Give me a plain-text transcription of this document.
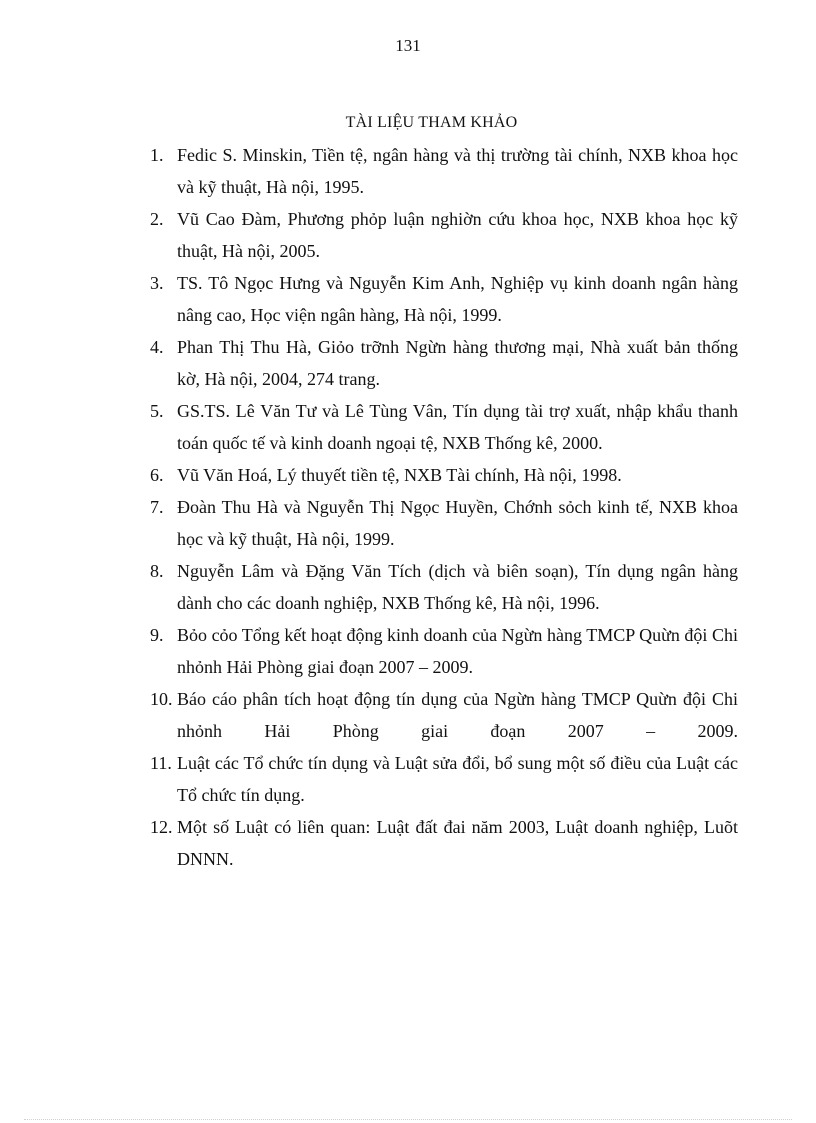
131
TÀI LIỆU THAM KHẢO
1. Fedic S. Minskin, Tiền tệ, ngân hàng và thị trường tài chính, NXB khoa học và kỹ thuật, Hà nội, 1995.
2. Vũ Cao Đàm, Phương phỏp luận nghiờn cứu khoa học, NXB khoa học kỹ thuật, Hà nội, 2005.
3. TS. Tô Ngọc Hưng và Nguyễn Kim Anh, Nghiệp vụ kinh doanh ngân hàng nâng cao, Học viện ngân hàng, Hà nội, 1999.
4. Phan Thị Thu Hà, Giỏo trỡnh Ngừn hàng thương mại, Nhà xuất bản thống kờ, Hà nội, 2004, 274 trang.
5. GS.TS. Lê Văn Tư và Lê Tùng Vân, Tín dụng tài trợ xuất, nhập khẩu thanh toán quốc tế và kinh doanh ngoại tệ, NXB Thống kê, 2000.
6. Vũ Văn Hoá, Lý thuyết tiền tệ, NXB Tài chính, Hà nội, 1998.
7. Đoàn Thu Hà và Nguyễn Thị Ngọc Huyền, Chớnh sỏch kinh tế, NXB khoa học và kỹ thuật, Hà nội, 1999.
8. Nguyễn Lâm và Đặng Văn Tích (dịch và biên soạn), Tín dụng ngân hàng dành cho các doanh nghiệp, NXB Thống kê, Hà nội, 1996.
9. Bỏo cỏo Tổng kết hoạt động kinh doanh của Ngừn hàng TMCP Quừn đội Chi nhỏnh Hải Phòng giai đoạn 2007 – 2009.
10. Báo cáo phân tích hoạt động tín dụng của Ngừn hàng TMCP Quừn đội Chi nhỏnh Hải Phòng giai đoạn 2007 – 2009.
11. Luật các Tổ chức tín dụng và Luật sửa đổi, bổ sung một số điều của Luật các Tổ chức tín dụng.
12. Một số Luật có liên quan: Luật đất đai năm 2003, Luật doanh nghiệp, Luõt DNNN.
